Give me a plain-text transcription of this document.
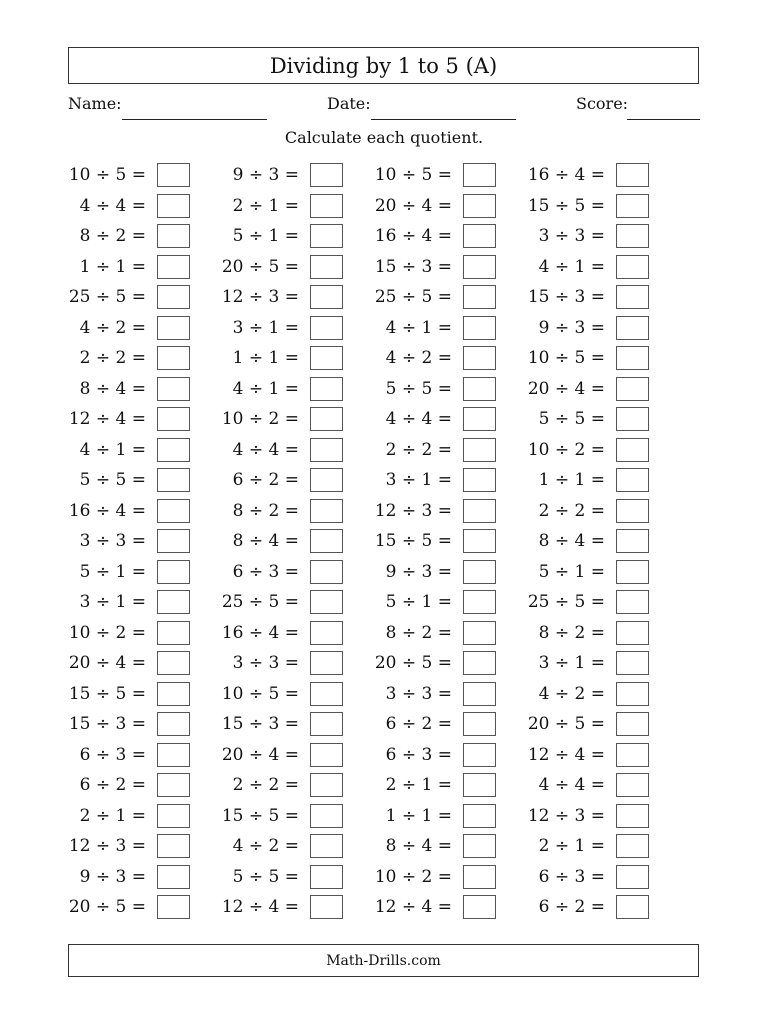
Dividing by 1 to 5 (A)
Name:	Date:	Score:
Calculate each quotient.
10 ÷ 5 =
4 ÷ 4 =
8 ÷ 2 =
1 ÷ 1 =
25 ÷ 5 =
4 ÷ 2 =
2 ÷ 2 =
8 ÷ 4 =
12 ÷ 4 =
4 ÷ 1 =
5 ÷ 5 =
16 ÷ 4 =
3 ÷ 3 =
5 ÷ 1 =
3 ÷ 1 =
10 ÷ 2 =
20 ÷ 4 =
15 ÷ 5 =
15 ÷ 3 =
6 ÷ 3 =
6 ÷ 2 =
2 ÷ 1 =
12 ÷ 3 =
9 ÷ 3 =
20 ÷ 5 =
9 ÷ 3 =
2 ÷ 1 =
5 ÷ 1 =
20 ÷ 5 =
12 ÷ 3 =
3 ÷ 1 =
1 ÷ 1 =
4 ÷ 1 =
10 ÷ 2 =
4 ÷ 4 =
6 ÷ 2 =
8 ÷ 2 =
8 ÷ 4 =
6 ÷ 3 =
25 ÷ 5 =
16 ÷ 4 =
3 ÷ 3 =
10 ÷ 5 =
15 ÷ 3 =
20 ÷ 4 =
2 ÷ 2 =
15 ÷ 5 =
4 ÷ 2 =
5 ÷ 5 =
12 ÷ 4 =
10 ÷ 5 =
20 ÷ 4 =
16 ÷ 4 =
15 ÷ 3 =
25 ÷ 5 =
4 ÷ 1 =
4 ÷ 2 =
5 ÷ 5 =
4 ÷ 4 =
2 ÷ 2 =
3 ÷ 1 =
12 ÷ 3 =
15 ÷ 5 =
9 ÷ 3 =
5 ÷ 1 =
8 ÷ 2 =
20 ÷ 5 =
3 ÷ 3 =
6 ÷ 2 =
6 ÷ 3 =
2 ÷ 1 =
1 ÷ 1 =
8 ÷ 4 =
10 ÷ 2 =
12 ÷ 4 =
16 ÷ 4 =
15 ÷ 5 =
3 ÷ 3 =
4 ÷ 1 =
15 ÷ 3 =
9 ÷ 3 =
10 ÷ 5 =
20 ÷ 4 =
5 ÷ 5 =
10 ÷ 2 =
1 ÷ 1 =
2 ÷ 2 =
8 ÷ 4 =
5 ÷ 1 =
25 ÷ 5 =
8 ÷ 2 =
3 ÷ 1 =
4 ÷ 2 =
20 ÷ 5 =
12 ÷ 4 =
4 ÷ 4 =
12 ÷ 3 =
2 ÷ 1 =
6 ÷ 3 =
6 ÷ 2 =
Math-Drills.com
